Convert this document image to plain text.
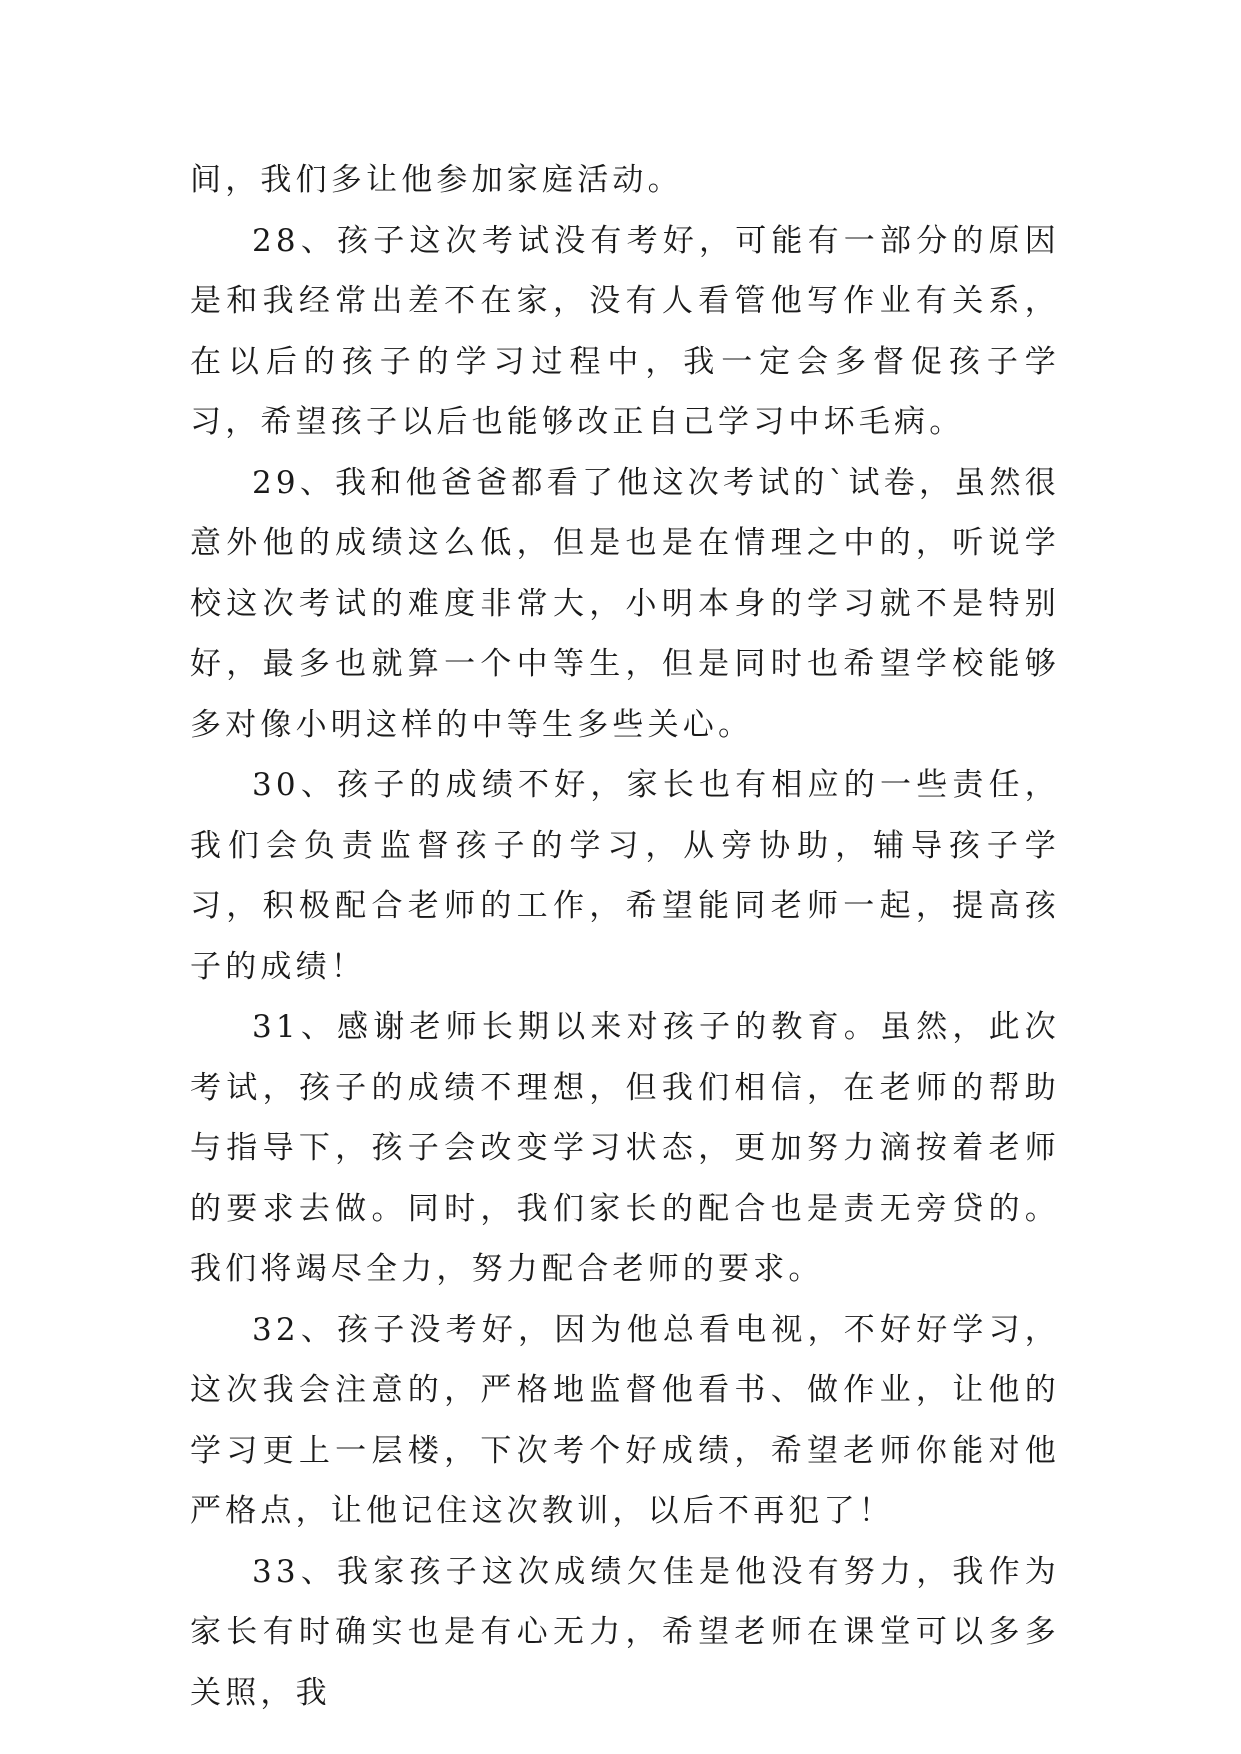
间，我们多让他参加家庭活动。

28、孩子这次考试没有考好，可能有一部分的原因是和我经常出差不在家，没有人看管他写作业有关系，在以后的孩子的学习过程中，我一定会多督促孩子学习，希望孩子以后也能够改正自己学习中坏毛病。

29、我和他爸爸都看了他这次考试的`试卷，虽然很意外他的成绩这么低，但是也是在情理之中的，听说学校这次考试的难度非常大，小明本身的学习就不是特别好，最多也就算一个中等生，但是同时也希望学校能够多对像小明这样的中等生多些关心。

30、孩子的成绩不好，家长也有相应的一些责任，我们会负责监督孩子的学习，从旁协助，辅导孩子学习，积极配合老师的工作，希望能同老师一起，提高孩子的成绩！

31、感谢老师长期以来对孩子的教育。虽然，此次考试，孩子的成绩不理想，但我们相信，在老师的帮助与指导下，孩子会改变学习状态，更加努力滴按着老师的要求去做。同时，我们家长的配合也是责无旁贷的。我们将竭尽全力，努力配合老师的要求。

32、孩子没考好，因为他总看电视，不好好学习，这次我会注意的，严格地监督他看书、做作业，让他的学习更上一层楼，下次考个好成绩，希望老师你能对他严格点，让他记住这次教训，以后不再犯了！

33、我家孩子这次成绩欠佳是他没有努力，我作为家长有时确实也是有心无力，希望老师在课堂可以多多关照，我
